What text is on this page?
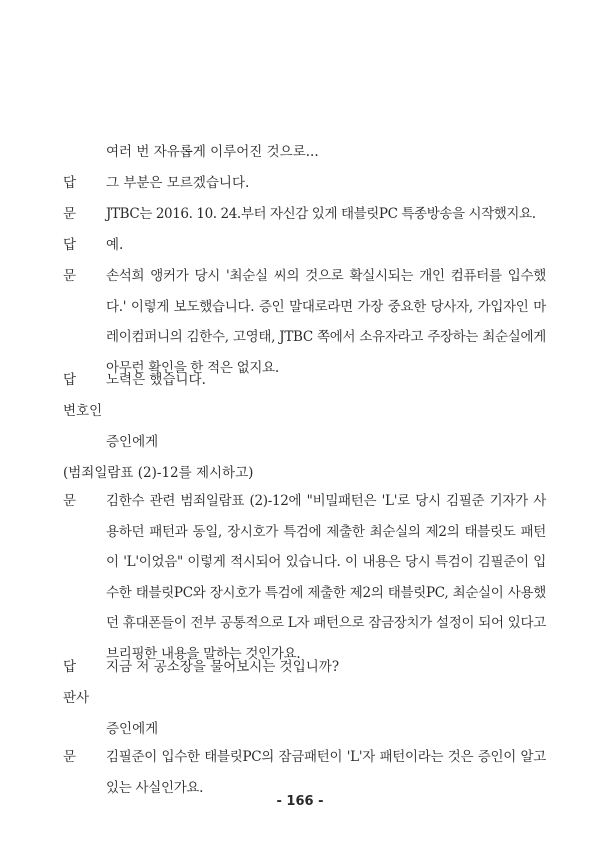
여러 번 자유롭게 이루어진 것으로...
답 그 부분은 모르겠습니다.
문 JTBC는 2016. 10. 24.부터 자신감 있게 태블릿PC 특종방송을 시작했지요.
답 예.
문 손석희 앵커가 당시 '최순실 씨의 것으로 확실시되는 개인 컴퓨터를 입수했다.' 이렇게 보도했습니다. 증인 말대로라면 가장 중요한 당사자, 가입자인 마레이컴퍼니의 김한수, 고영태, JTBC 쪽에서 소유자라고 주장하는 최순실에게 아무런 확인을 한 적은 없지요.
답 노력은 했습니다.
변호인
증인에게
(범죄일람표 (2)-12를 제시하고)
문 김한수 관련 범죄일람표 (2)-12에 "비밀패턴은 'L'로 당시 김필준 기자가 사용하던 패턴과 동일, 장시호가 특검에 제출한 최순실의 제2의 태블릿도 패턴이 'L'이었음" 이렇게 적시되어 있습니다. 이 내용은 당시 특검이 김필준이 입수한 태블릿PC와 장시호가 특검에 제출한 제2의 태블릿PC, 최순실이 사용했던 휴대폰들이 전부 공통적으로 L자 패턴으로 잠금장치가 설정이 되어 있다고 브리핑한 내용을 말하는 것인가요.
답 지금 저 공소장을 물어보시는 것입니까?
판사
증인에게
문 김필준이 입수한 태블릿PC의 잠금패턴이 'L'자 패턴이라는 것은 증인이 알고 있는 사실인가요.
- 166 -
